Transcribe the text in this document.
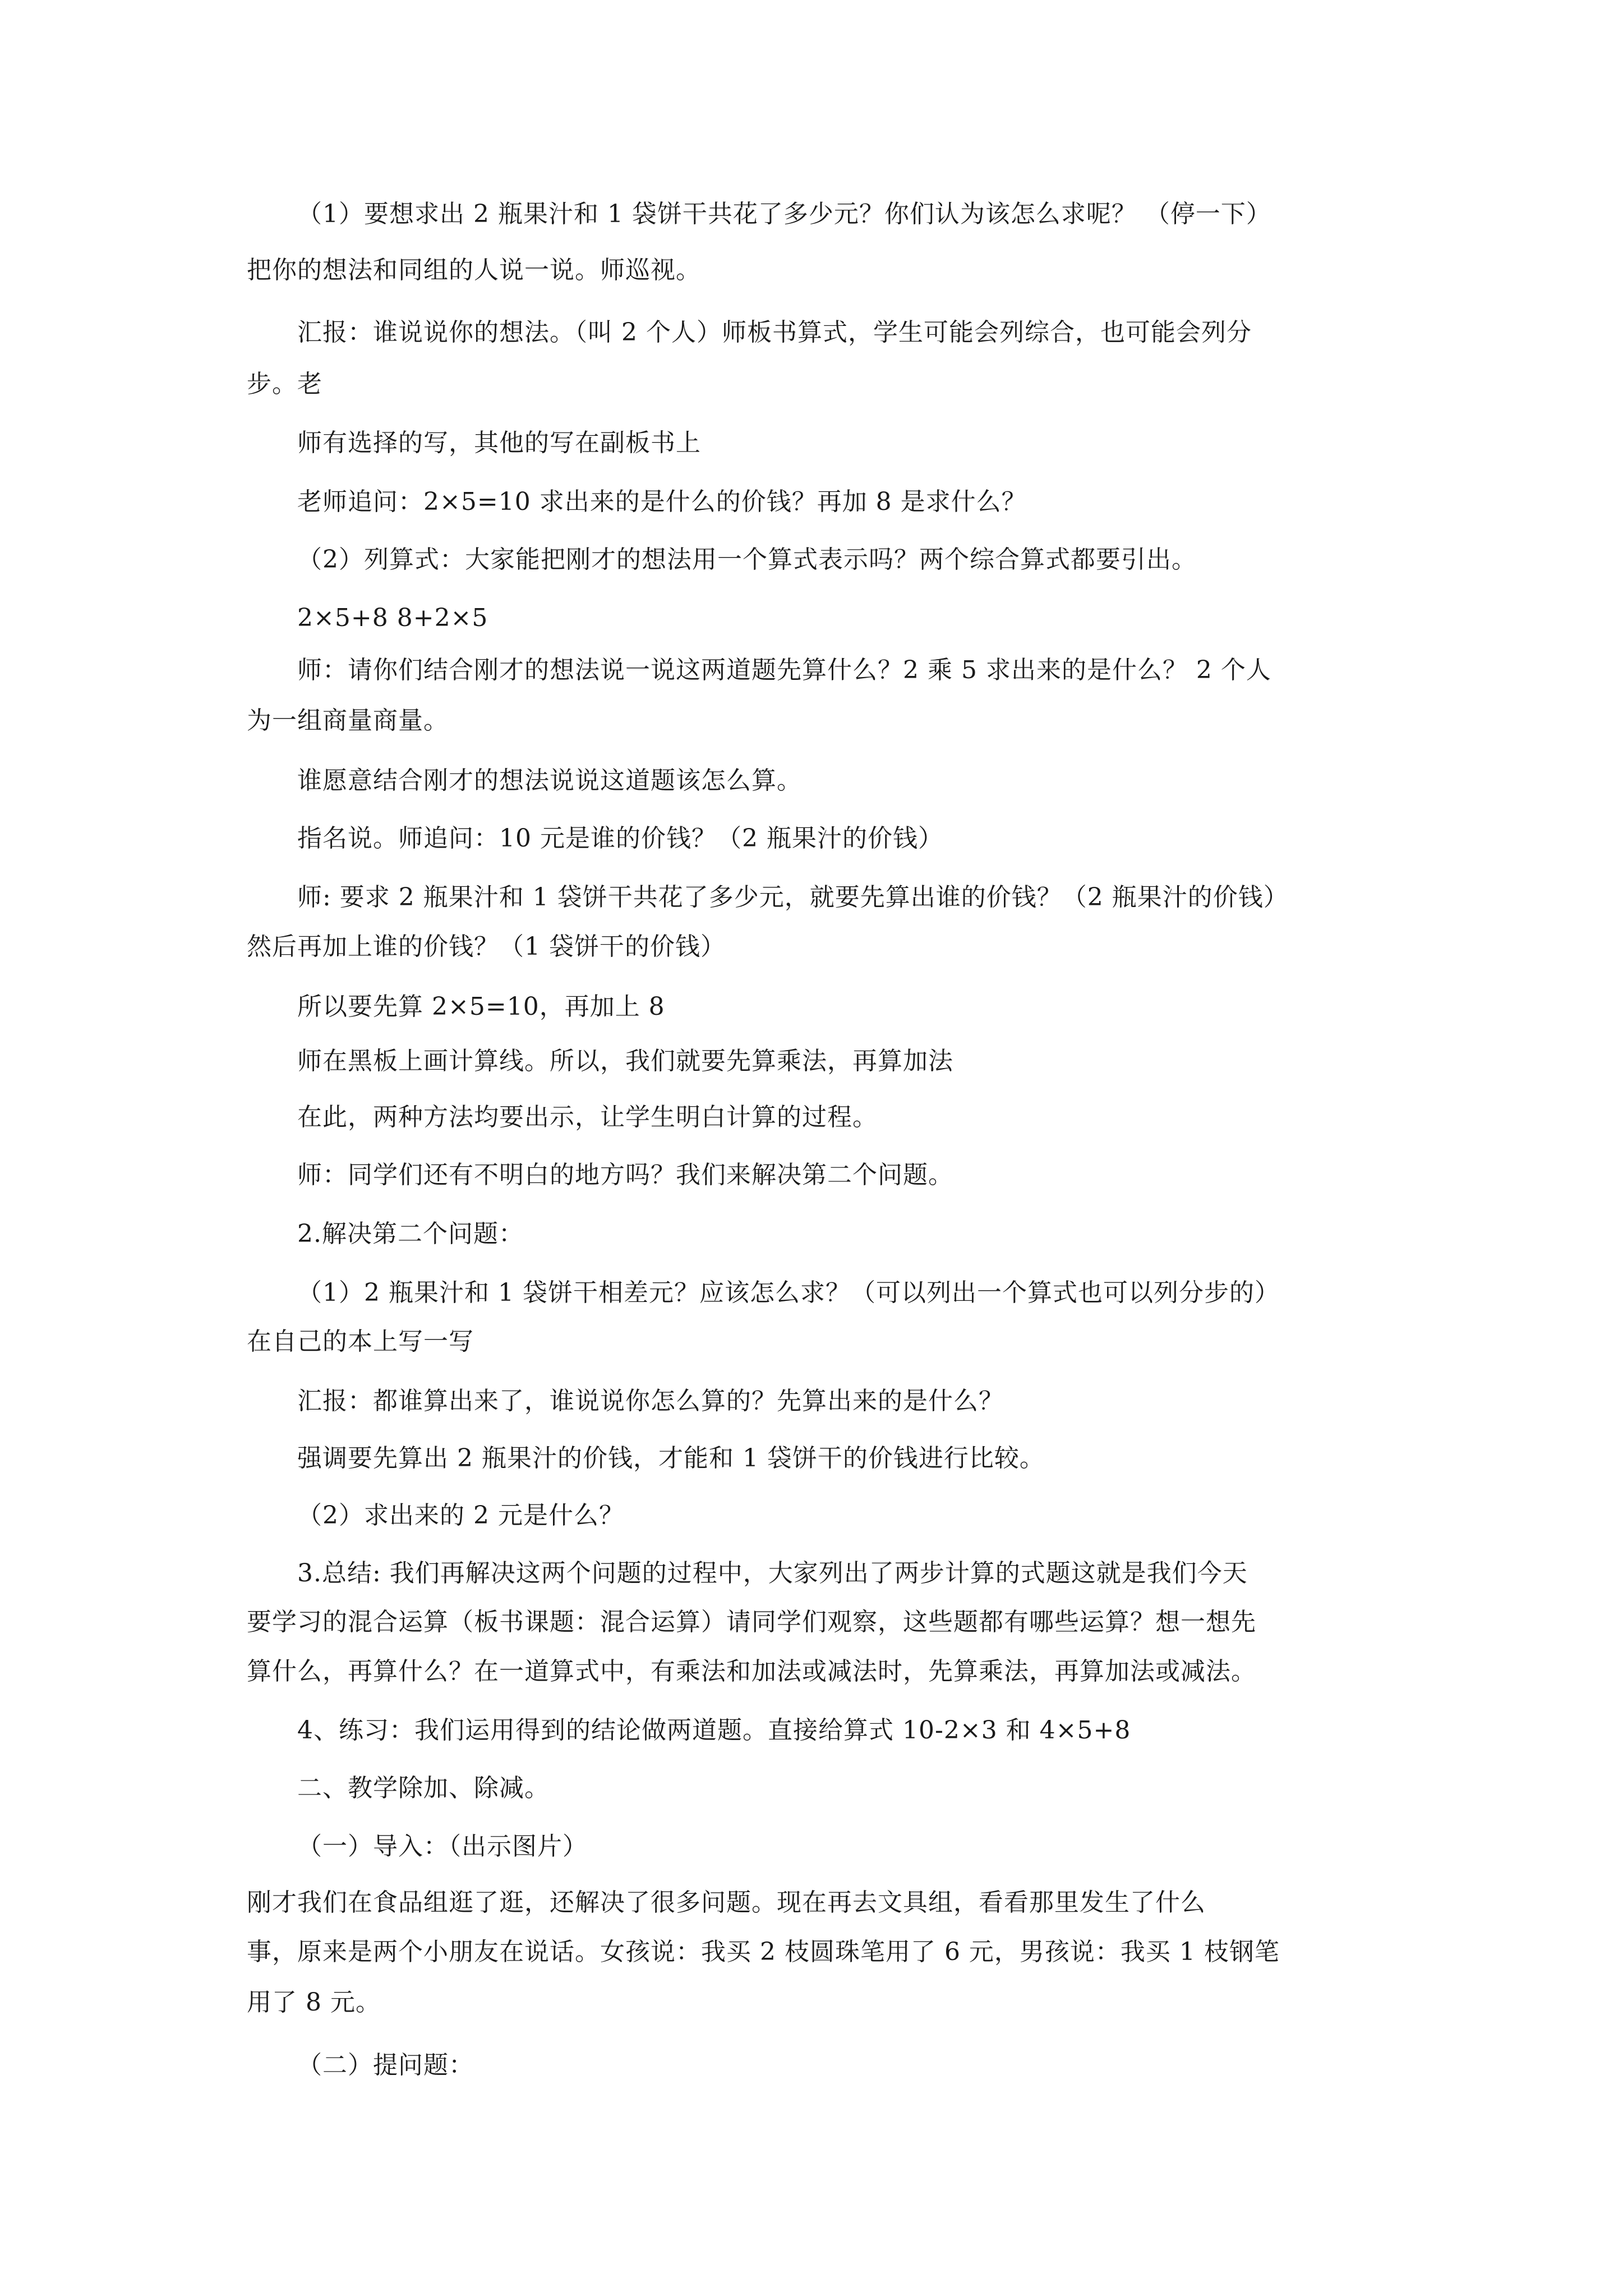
（1）要想求出 2 瓶果汁和 1 袋饼干共花了多少元？你们认为该怎么求呢？ （停一下）

把你的想法和同组的人说一说。师巡视。

汇报：谁说说你的想法。（叫 2 个人）师板书算式，学生可能会列综合，也可能会列分

步。老

师有选择的写，其他的写在副板书上

老师追问：2×5=10 求出来的是什么的价钱？再加 8 是求什么？

（2）列算式：大家能把刚才的想法用一个算式表示吗？两个综合算式都要引出。

2×5+8 8+2×5

师：请你们结合刚才的想法说一说这两道题先算什么？2 乘 5 求出来的是什么？ 2 个人

为一组商量商量。

谁愿意结合刚才的想法说说这道题该怎么算。

指名说。师追问：10 元是谁的价钱？（2 瓶果汁的价钱）

师: 要求 2 瓶果汁和 1 袋饼干共花了多少元，就要先算出谁的价钱？（2 瓶果汁的价钱）

然后再加上谁的价钱？（1 袋饼干的价钱）

所以要先算 2×5=10，再加上 8

师在黑板上画计算线。所以，我们就要先算乘法，再算加法

在此，两种方法均要出示，让学生明白计算的过程。

师：同学们还有不明白的地方吗？我们来解决第二个问题。

2.解决第二个问题：

（1）2 瓶果汁和 1 袋饼干相差元？应该怎么求？（可以列出一个算式也可以列分步的）

在自己的本上写一写

汇报：都谁算出来了，谁说说你怎么算的？先算出来的是什么？

强调要先算出 2 瓶果汁的价钱，才能和 1 袋饼干的价钱进行比较。

（2）求出来的 2 元是什么？

3.总结: 我们再解决这两个问题的过程中，大家列出了两步计算的式题这就是我们今天

要学习的混合运算（板书课题：混合运算）请同学们观察，这些题都有哪些运算？想一想先

算什么，再算什么？在一道算式中，有乘法和加法或减法时，先算乘法，再算加法或减法。

4、练习：我们运用得到的结论做两道题。直接给算式 10-2×3 和 4×5+8

二、教学除加、除减。

（一）导入：（出示图片）

刚才我们在食品组逛了逛，还解决了很多问题。现在再去文具组，看看那里发生了什么

事，原来是两个小朋友在说话。女孩说：我买 2 枝圆珠笔用了 6 元，男孩说：我买 1 枝钢笔

用了 8 元。

（二）提问题：
